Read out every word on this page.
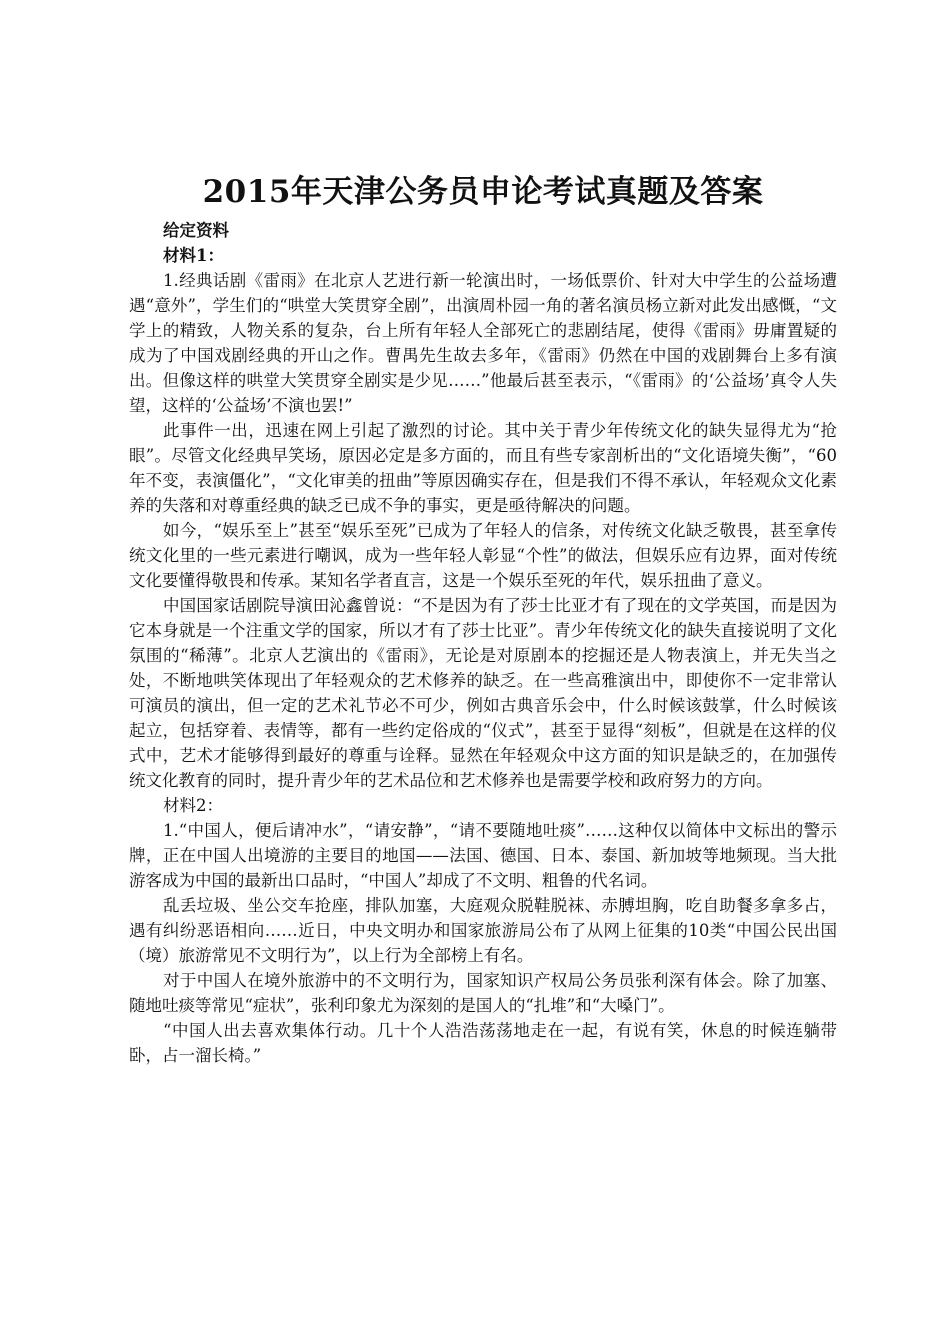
2015年天津公务员申论考试真题及答案

给定资料

材料1：

1.经典话剧《雷雨》在北京人艺进行新一轮演出时，一场低票价、针对大中学生的公益场遭遇“意外”，学生们的“哄堂大笑贯穿全剧”，出演周朴园一角的著名演员杨立新对此发出感慨，“文学上的精致，人物关系的复杂，台上所有年轻人全部死亡的悲剧结尾，使得《雷雨》毋庸置疑的成为了中国戏剧经典的开山之作。曹禺先生故去多年，《雷雨》仍然在中国的戏剧舞台上多有演出。但像这样的哄堂大笑贯穿全剧实是少见……”他最后甚至表示，“《雷雨》的‘公益场’真令人失望，这样的‘公益场’不演也罢!”

此事件一出，迅速在网上引起了激烈的讨论。其中关于青少年传统文化的缺失显得尤为“抢眼”。尽管文化经典早笑场，原因必定是多方面的，而且有些专家剖析出的“文化语境失衡”，“60年不变，表演僵化”，“文化审美的扭曲”等原因确实存在，但是我们不得不承认，年轻观众文化素养的失落和对尊重经典的缺乏已成不争的事实，更是亟待解决的问题。

如今，“娱乐至上”甚至“娱乐至死”已成为了年轻人的信条，对传统文化缺乏敬畏，甚至拿传统文化里的一些元素进行嘲讽，成为一些年轻人彰显“个性”的做法，但娱乐应有边界，面对传统文化要懂得敬畏和传承。某知名学者直言，这是一个娱乐至死的年代，娱乐扭曲了意义。

中国国家话剧院导演田沁鑫曾说：“不是因为有了莎士比亚才有了现在的文学英国，而是因为它本身就是一个注重文学的国家，所以才有了莎士比亚”。青少年传统文化的缺失直接说明了文化氛围的“稀薄”。北京人艺演出的《雷雨》，无论是对原剧本的挖掘还是人物表演上，并无失当之处，不断地哄笑体现出了年轻观众的艺术修养的缺乏。在一些高雅演出中，即使你不一定非常认可演员的演出，但一定的艺术礼节必不可少，例如古典音乐会中，什么时候该鼓掌，什么时候该起立，包括穿着、表情等，都有一些约定俗成的“仪式”，甚至于显得“刻板”，但就是在这样的仪式中，艺术才能够得到最好的尊重与诠释。显然在年轻观众中这方面的知识是缺乏的，在加强传统文化教育的同时，提升青少年的艺术品位和艺术修养也是需要学校和政府努力的方向。

材料2：

1.“中国人，便后请冲水”，“请安静”，“请不要随地吐痰”……这种仅以简体中文标出的警示牌，正在中国人出境游的主要目的地国——法国、德国、日本、泰国、新加坡等地频现。当大批游客成为中国的最新出口品时，“中国人”却成了不文明、粗鲁的代名词。

乱丢垃圾、坐公交车抢座，排队加塞，大庭观众脱鞋脱袜、赤膊坦胸，吃自助餐多拿多占，遇有纠纷恶语相向……近日，中央文明办和国家旅游局公布了从网上征集的10类“中国公民出国（境）旅游常见不文明行为”，以上行为全部榜上有名。

对于中国人在境外旅游中的不文明行为，国家知识产权局公务员张利深有体会。除了加塞、随地吐痰等常见“症状”，张利印象尤为深刻的是国人的“扎堆”和“大嗓门”。

“中国人出去喜欢集体行动。几十个人浩浩荡荡地走在一起，有说有笑，休息的时候连躺带卧，占一溜长椅。”
